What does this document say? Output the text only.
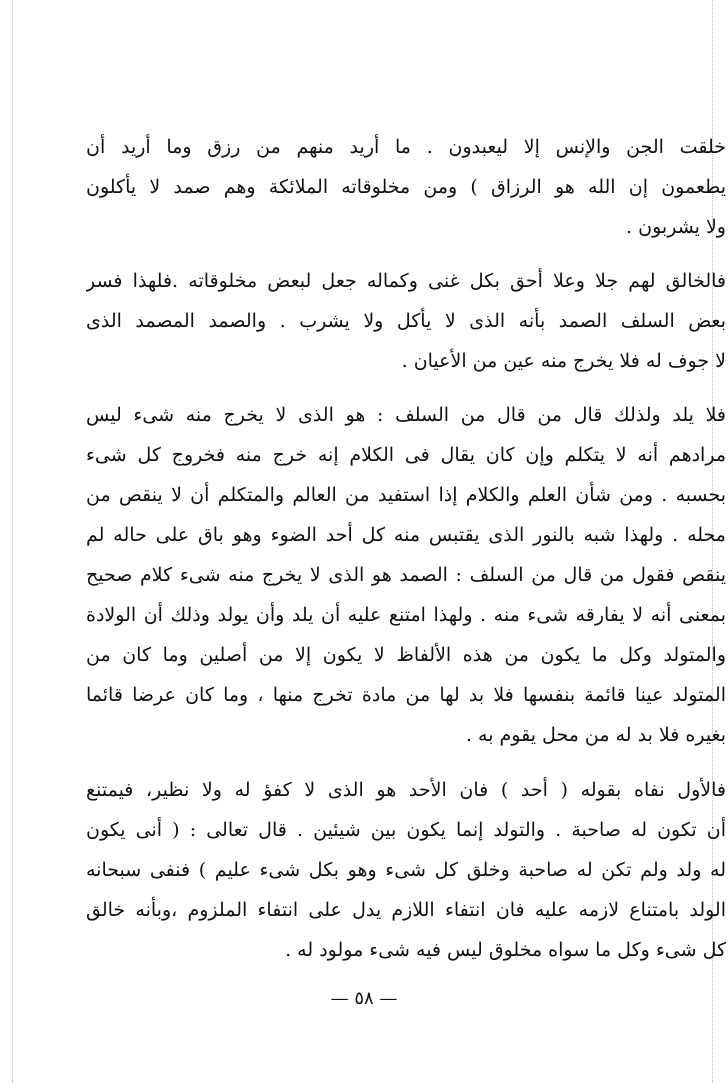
خلقت الجن والإنس إلا ليعبدون . ما أريد منهم من رزق وما أريد أن
يطعمون إن الله هو الرزاق ) ومن مخلوقاته الملائكة وهم صمد لا يأكلون
ولا يشربون .
فالخالق لهم جلا وعلا أحق بكل غنى وكماله جعل لبعض مخلوقاته .فلهذا فسر
بعض السلف الصمد بأنه الذى لا يأكل ولا يشرب . والصمد المصمد الذى
لا جوف له فلا يخرج منه عين من الأعيان .
فلا يلد ولذلك قال من قال من السلف : هو الذى لا يخرج منه شىء ليس
مرادهم أنه لا يتكلم وإن كان يقال فى الكلام إنه خرج منه فخروج كل شىء
بحسبه . ومن شأن العلم والكلام إذا استفيد من العالم والمتكلم أن لا ينقص من
محله . ولهذا شبه بالنور الذى يقتبس منه كل أحد الضوء وهو باق على حاله لم
ينقص فقول من قال من السلف : الصمد هو الذى لا يخرج منه شىء كلام صحيح
بمعنى أنه لا يفارقه شىء منه . ولهذا امتنع عليه أن يلد وأن يولد وذلك أن الولادة
والمتولد وكل ما يكون من هذه الألفاظ لا يكون إلا من أصلين وما كان من
المتولد عينا قائمة بنفسها فلا بد لها من مادة تخرج منها ، وما كان عرضا قائما
بغيره فلا بد له من محل يقوم به .
فالأول نفاه بقوله ( أحد ) فان الأحد هو الذى لا كفؤ له ولا نظير، فيمتنع
أن تكون له صاحبة . والتولد إنما يكون بين شيئين . قال تعالى : ( أنى يكون
له ولد ولم تكن له صاحبة وخلق كل شىء وهو بكل شىء عليم ) فنفى سبحانه
الولد بامتناع لازمه عليه فان انتفاء اللازم يدل على انتفاء الملزوم ،وبأنه خالق
كل شىء وكل ما سواه مخلوق ليس فيه شىء مولود له .
— ٥٨ —
